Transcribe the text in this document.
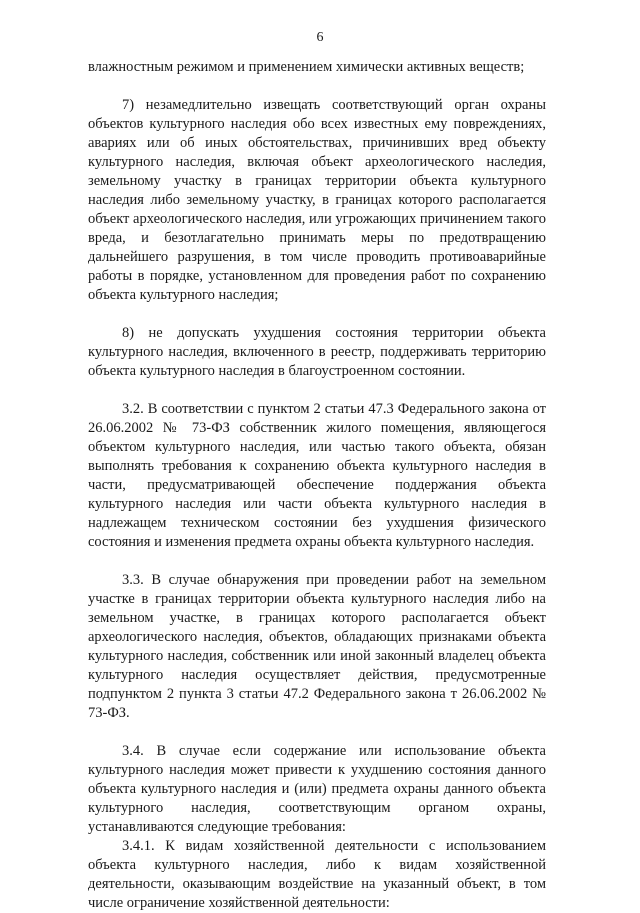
6

влажностным режимом и применением химически активных веществ;

7) незамедлительно извещать соответствующий орган охраны объектов культурного наследия обо всех известных ему повреждениях, авариях или об иных обстоятельствах, причинивших вред объекту культурного наследия, включая объект археологического наследия, земельному участку в границах территории объекта культурного наследия либо земельному участку, в границах которого располагается объект археологического наследия, или угрожающих причинением такого вреда, и безотлагательно принимать меры по предотвращению дальнейшего разрушения, в том числе проводить противоаварийные работы в порядке, установленном для проведения работ по сохранению объекта культурного наследия;

8) не допускать ухудшения состояния территории объекта культурного наследия, включенного в реестр, поддерживать территорию объекта культурного наследия в благоустроенном состоянии.

3.2. В соответствии с пунктом 2 статьи 47.3 Федерального закона от 26.06.2002 № 73-ФЗ собственник жилого помещения, являющегося объектом культурного наследия, или частью такого объекта, обязан выполнять требования к сохранению объекта культурного наследия в части, предусматривающей обеспечение поддержания объекта культурного наследия или части объекта культурного наследия в надлежащем техническом состоянии без ухудшения физического состояния и изменения предмета охраны объекта культурного наследия.

3.3. В случае обнаружения при проведении работ на земельном участке в границах территории объекта культурного наследия либо на земельном участке, в границах которого располагается объект археологического наследия, объектов, обладающих признаками объекта культурного наследия, собственник или иной законный владелец объекта культурного наследия осуществляет действия, предусмотренные подпунктом 2 пункта 3 статьи 47.2 Федерального закона т 26.06.2002 № 73-ФЗ.

3.4. В случае если содержание или использование объекта культурного наследия может привести к ухудшению состояния данного объекта культурного наследия и (или) предмета охраны данного объекта культурного наследия, соответствующим органом охраны, устанавливаются следующие требования:

3.4.1. К видам хозяйственной деятельности с использованием объекта культурного наследия, либо к видам хозяйственной деятельности, оказывающим воздействие на указанный объект, в том числе ограничение хозяйственной деятельности:
